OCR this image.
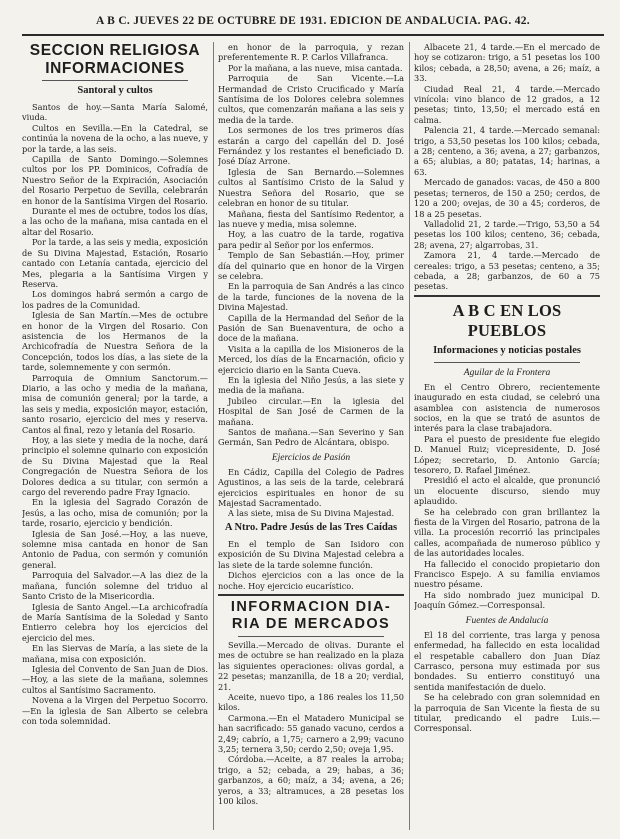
A B C. JUEVES 22 DE OCTUBRE DE 1931. EDICION DE ANDALUCIA. PAG. 42.
SECCION RELIGIOSA
INFORMACIONES
Santoral y cultos

Santos de hoy.—Santa María Salomé, viuda.

Cultos en Sevilla.—En la Catedral, se continúa la novena de la ocho, a las nueve, y por la tarde, a las seis.

Capilla de Santo Domingo.—Solemnes cultos por los PP. Dominicos, Cofradía de Nuestro Señor de la Expiración, Asociación del Rosario Perpetuo de Sevilla, celebrarán en honor de la Santísima Virgen del Rosario.

Durante el mes de octubre, todos los días, a las ocho de la mañana, misa cantada en el altar del Rosario.

Por la tarde, a las seis y media, exposición de Su Divina Majestad, Estación, Rosario cantado con Letanía cantada, ejercicio del Mes, plegaria a la Santísima Virgen y Reserva.

Los domingos habrá sermón a cargo de los padres de la Comunidad.

Iglesia de San Martín.—Mes de octubre en honor de la Virgen del Rosario. Con asistencia de los Hermanos de la Archicofradía de Nuestra Señora de la Concepción, todos los días, a las siete de la tarde, solemnemente y con sermón.

Parroquia de Omnium Sanctorum.—Diario, a las ocho y media de la mañana, misa de comunión general; por la tarde, a las seis y media, exposición mayor, estación, santo rosario, ejercicio del mes y reserva. Cantos al final, rezo y letanía del Rosario.

Hoy, a las siete y media de la noche, dará principio el solemne quinario con exposición de Su Divina Majestad que la Real Congregación de Nuestra Señora de los Dolores dedica a su titular, con sermón a cargo del reverendo padre Fray Ignacio.

En la iglesia del Sagrado Corazón de Jesús, a las ocho, misa de comunión; por la tarde, rosario, ejercicio y bendición.

Iglesia de San José.—Hoy, a las nueve, solemne misa cantada en honor de San Antonio de Padua, con sermón y comunión general.

Parroquia del Salvador.—A las diez de la mañana, función solemne del triduo al Santo Cristo de la Misericordia.

Iglesia de Santo Angel.—La archicofradía de María Santísima de la Soledad y Santo Entierro celebra hoy los ejercicios del ejercicio del mes.

En las Siervas de María, a las siete de la mañana, misa con exposición.

Iglesia del Convento de San Juan de Dios.—Hoy, a las siete de la mañana, solemnes cultos al Santísimo Sacramento.

Novena a la Virgen del Perpetuo Socorro.—En la iglesia de San Alberto se celebra con toda solemnidad.

en honor de la parroquia, y rezan preferentemente R. P. Carlos Villafranca.

Por la mañana, a las nueve, misa cantada.

Parroquia de San Vicente.—La Hermandad de Cristo Crucificado y María Santísima de los Dolores celebra solemnes cultos, que comenzarán mañana a las seis y media de la tarde.

Los sermones de los tres primeros días estarán a cargo del capellán del D. José Fernández y los restantes el beneficiado D. José Díaz Arrone.

Iglesia de San Bernardo.—Solemnes cultos al Santísimo Cristo de la Salud y Nuestra Señora del Rosario, que se celebran en honor de su titular.

Mañana, fiesta del Santísimo Redentor, a las nueve y media, misa solemne.

Hoy, a las cuatro de la tarde, rogativa para pedir al Señor por los enfermos.

Templo de San Sebastián.—Hoy, primer día del quinario que en honor de la Virgen se celebra.

En la parroquia de San Andrés a las cinco de la tarde, funciones de la novena de la Divina Majestad.

Capilla de la Hermandad del Señor de la Pasión de San Buenaventura, de ocho a doce de la mañana.

Visita a la capilla de los Misioneros de la Merced, los días de la Encarnación, oficio y ejercicio diario en la Santa Cueva.

En la iglesia del Niño Jesús, a las siete y media de la mañana.

Jubileo circular.—En la iglesia del Hospital de San José de Carmen de la mañana.

Santos de mañana.—San Severino y San Germán, San Pedro de Alcántara, obispo.

Ejercicios de Pasión

En Cádiz, Capilla del Colegio de Padres Agustinos, a las seis de la tarde, celebrará ejercicios espirituales en honor de su Majestad Sacramentado.

A las siete, misa de Su Divina Majestad.

A Ntro. Padre Jesús de las Tres Caídas

En el templo de San Isidoro con exposición de Su Divina Majestad celebra a las siete de la tarde solemne función.

Dichos ejercicios con a las once de la noche. Hoy ejercicio eucarístico.

INFORMACION DIA-
RIA DE MERCADOS

Sevilla.—Mercado de olivas. Durante el mes de octubre se han realizado en la plaza las siguientes operaciones: olivas gordal, a 22 pesetas; manzanilla, de 18 a 20; verdial, 21.

Aceite, nuevo tipo, a 186 reales los 11,50 kilos.

Carmona.—En el Matadero Municipal se han sacrificado: 55 ganado vacuno, cerdos a 2,49; cabrío, a 1,75; carnero a 2,99; vacuno 3,25; ternera 3,50; cerdo 2,50; oveja 1,95.

Córdoba.—Aceite, a 87 reales la arroba; trigo, a 52; cebada, a 29; habas, a 36; garbanzos, a 60; maíz, a 34; avena, a 26; yeros, a 33; altramuces, a 28 pesetas los 100 kilos.

Albacete 21, 4 tarde.—En el mercado de hoy se cotizaron: trigo, a 51 pesetas los 100 kilos; cebada, a 28,50; avena, a 26; maíz, a 33.

Ciudad Real 21, 4 tarde.—Mercado vinícola: vino blanco de 12 grados, a 12 pesetas; tinto, 13,50; el mercado está en calma.

Palencia 21, 4 tarde.—Mercado semanal: trigo, a 53,50 pesetas los 100 kilos; cebada, a 28; centeno, a 36; avena, a 27; garbanzos, a 65; alubias, a 80; patatas, 14; harinas, a 63.

Mercado de ganados: vacas, de 450 a 800 pesetas; terneros, de 150 a 250; cerdos, de 120 a 200; ovejas, de 30 a 45; corderos, de 18 a 25 pesetas.

Valladolid 21, 2 tarde.—Trigo, 53,50 a 54 pesetas los 100 kilos; centeno, 36; cebada, 28; avena, 27; algarrobas, 31.

Zamora 21, 4 tarde.—Mercado de cereales: trigo, a 53 pesetas; centeno, a 35; cebada, a 28; garbanzos, de 60 a 75 pesetas.

A B C EN LOS PUEBLOS
Informaciones y noticias postales
Aguilar de la Frontera

En el Centro Obrero, recientemente inaugurado en esta ciudad, se celebró una asamblea con asistencia de numerosos socios, en la que se trató de asuntos de interés para la clase trabajadora.

Para el puesto de presidente fue elegido D. Manuel Ruiz; vicepresidente, D. José López; secretario, D. Antonio García; tesorero, D. Rafael Jiménez.

Presidió el acto el alcalde, que pronunció un elocuente discurso, siendo muy aplaudido.

Se ha celebrado con gran brillantez la fiesta de la Virgen del Rosario, patrona de la villa. La procesión recorrió las principales calles, acompañada de numeroso público y de las autoridades locales.

Ha fallecido el conocido propietario don Francisco Espejo. A su familia enviamos nuestro pésame.

Ha sido nombrado juez municipal D. Joaquín Gómez.—Corresponsal.

Fuentes de Andalucía

El 18 del corriente, tras larga y penosa enfermedad, ha fallecido en esta localidad el respetable caballero don Juan Díaz Carrasco, persona muy estimada por sus bondades. Su entierro constituyó una sentida manifestación de duelo.

Se ha celebrado con gran solemnidad en la parroquia de San Vicente la fiesta de su titular, predicando el padre Luis.—Corresponsal.
